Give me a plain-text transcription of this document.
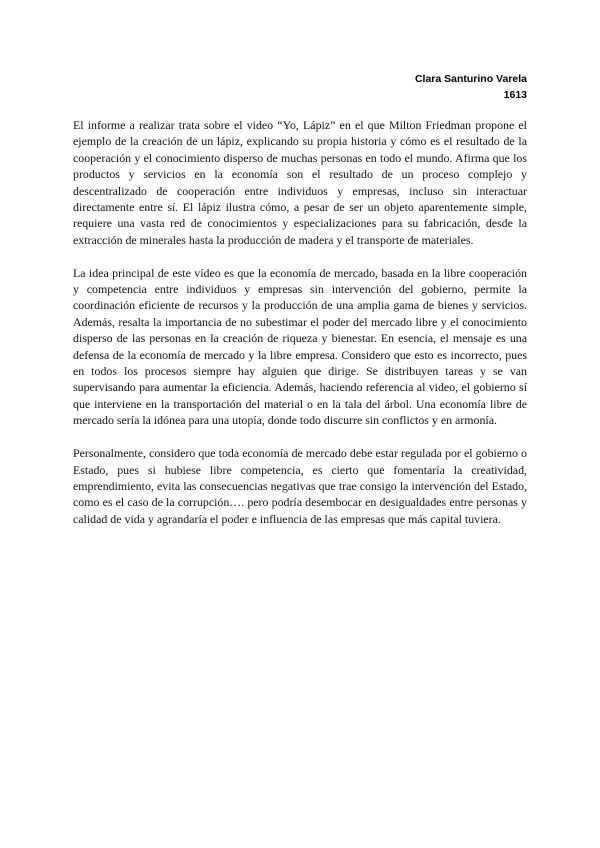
Clara Santurino Varela
1613

El informe a realizar trata sobre el video “Yo, Lápiz” en el que Milton Friedman propone el ejemplo de la creación de un lápiz, explicando su propia historia y cómo es el resultado de la cooperación y el conocimiento disperso de muchas personas en todo el mundo. Afirma que los productos y servicios en la economía son el resultado de un proceso complejo y descentralizado de cooperación entre individuos y empresas, incluso sin interactuar directamente entre sí. El lápiz ilustra cómo, a pesar de ser un objeto aparentemente simple, requiere una vasta red de conocimientos y especializaciones para su fabricación, desde la extracción de minerales hasta la producción de madera y el transporte de materiales.

La idea principal de este vídeo es que la economía de mercado, basada en la libre cooperación y competencia entre individuos y empresas sin intervención del gobierno, permite la coordinación eficiente de recursos y la producción de una amplia gama de bienes y servicios. Además, resalta la importancia de no subestimar el poder del mercado libre y el conocimiento disperso de las personas en la creación de riqueza y bienestar. En esencia, el mensaje es una defensa de la economía de mercado y la libre empresa. Considero que esto es incorrecto, pues en todos los procesos siempre hay alguien que dirige. Se distribuyen tareas y se van supervisando para aumentar la eficiencia. Además, haciendo referencia al video, el gobierno sí que interviene en la transportación del material o en la tala del árbol. Una economía libre de mercado sería la idónea para una utopía, donde todo discurre sin conflictos y en armonía.

Personalmente, considero que toda economía de mercado debe estar regulada por el gobierno o Estado, pues si hubiese libre competencia, es cierto que fomentaría la creatividad, emprendimiento, evita las consecuencias negativas que trae consigo la intervención del Estado, como es el caso de la corrupción…. pero podría desembocar en desigualdades entre personas y calidad de vida y agrandaría el poder e influencia de las empresas que más capital tuviera.
